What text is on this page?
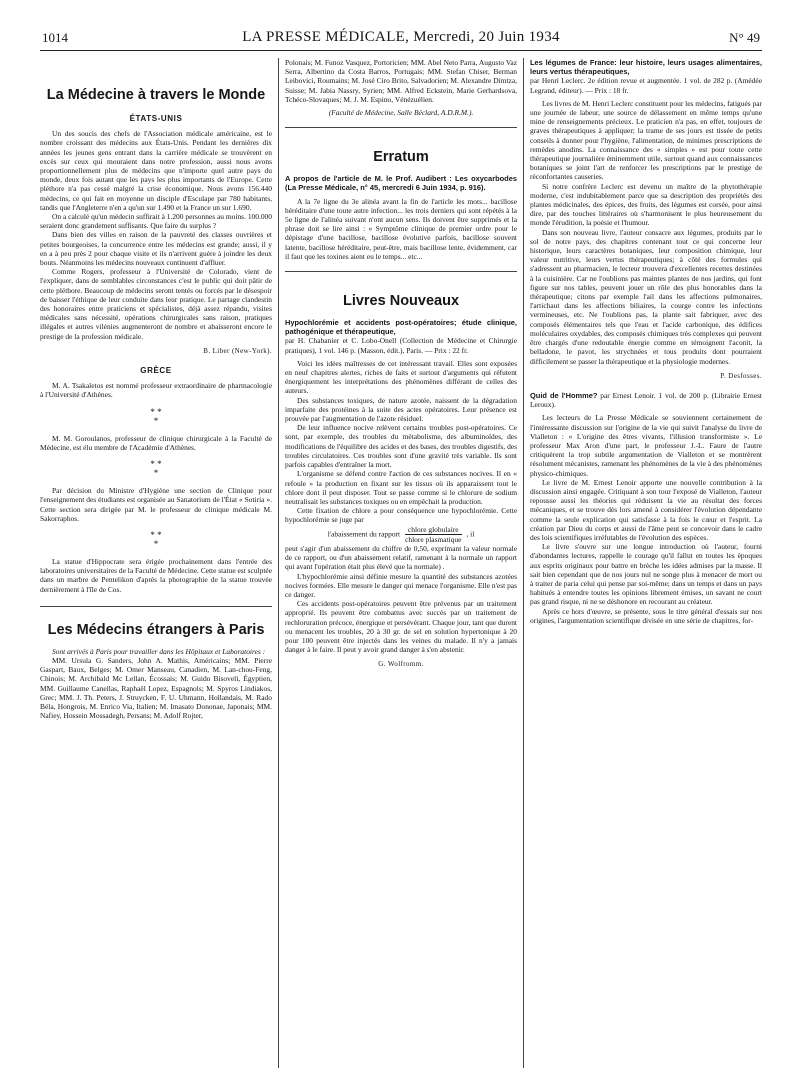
1014	LA PRESSE MÉDICALE, Mercredi, 20 Juin 1934	N° 49
La Médecine à travers le Monde
ÉTATS-UNIS

Un des soucis des chefs de l'Association médicale américaine, est le nombre croissant des médecins aux États-Unis. Pendant les dernières dix années les jeunes gens entrant dans la carrière médicale se trouvèrent en excès sur ceux qui mouraient dans notre profession, aussi nous avons proportionnellement plus de médecins que n'importe quel autre pays du monde, deux fois autant que les pays les plus importants de l'Europe. Cette pléthore n'a pas cessé malgré la crise économique. Nous avons 156.440 médecins, ce qui fait en moyenne un disciple d'Esculape par 780 habitants, tandis que l'Angleterre n'en a qu'un sur 1.490 et la France un sur 1.690.

On a calculé qu'un médecin suffirait à 1.200 personnes au moins. 100.000 seraient donc grandement suffisants. Que faire du surplus ?

Dans bien des villes en raison de la pauvreté des classes ouvrières et petites bourgeoises, la concurrence entre les médecins est grande; aussi, il y en a à peu près 2 pour chaque visite et ils n'arrivent guère à joindre les deux bouts. Néanmoins les médecins nouveaux continuent d'affluer.

Comme Rogers, professeur à l'Université de Colorado, vient de l'expliquer, dans de semblables circonstances c'est le public qui doit pâtir de cette pléthore. Beaucoup de médecins seront tentés ou forcés par le désespoir de baisser l'éthique de leur conduite dans leur pratique. Le partage clandestin des honoraires entre praticiens et spécialistes, déjà assez répandu, visites médicales sans nécessité, opérations chirurgicales sans raison, pratiques illégales et autres vilénies augmenteront de nombre et abaisseront encore le prestige de la profession médicale.

B. Liber (New-York).
GRÈCE

M. A. Tsakaletos est nommé professeur extraordinaire de pharmacologie à l'Université d'Athènes.

* *
*

M. M. Goroulanos, professeur de clinique chirurgicale à la Faculté de Médecine, est élu membre de l'Académie d'Athènes.

* *
*

Par décision du Ministre d'Hygiène une section de Clinique pour l'enseignement des étudiants est organisée au Sanatorium de l'État « Sotiria ». Cette section sera dirigée par M. le professeur de clinique médicale M. Sakorraphos.

* *
*

La statue d'Hippocrate sera érigée prochainement dans l'entrée des laboratoires universitaires de la Faculté de Médecine. Cette statue est sculptée dans un marbre de Pentelikon d'après la photographie de la statue trouvée dernièrement à l'île de Cos.

Les Médecins étrangers à Paris

Sont arrivés à Paris pour travailler dans les Hôpitaux et Laboratoires :

MM. Ursula G. Sanders, John A. Mathis, Américains; MM. Pierre Gaspart, Baux, Belges; M. Omer Manseau, Canadien, M. Lan-chou-Feng, Chinois; M. Archibald Mc Lellan, Écossais; M. Guido Bisoveli, Égyptien, MM. Guillaume Canellas, Raphaël Lopez, Espagnols; M. Spyros Lindiakos, Grec; MM. J. Th. Peters, J. Struycken, F. U. Uhmann, Hollandais, M. Rado Béla, Hongrois, M. Enrico Via, Italien; M. Imasato Dononae, Japonais; MM. Nafiey, Hossein Mossadegh, Persans; M. Adolf Rojter,

Polonais; M. Funoz Vasquez, Portoricien; MM. Abel Neto Parra, Augusto Vaz Serra, Albertino da Costa Barros, Portugais; MM. Stefan Chiser, Berman Leibovici, Roumains; M. José Ciro Brito, Salvadorien; M. Alexandre Dimtza, Suisse; M. Jabia Nassry, Syrien; MM. Alfred Eckstein, Marie Gerhardsova, Tchéco-Slovaques; M. J. M. Espino, Vénézuélien.

(Faculté de Médecine, Salle Béclard, A.D.R.M.).
Erratum

A propos de l'article de M. le Prof. Audibert : Les oxycarbodes (La Presse Médicale, n° 45, mercredi 6 Juin 1934, p. 916).

A la 7e ligne du 3e alinéa avant la fin de l'article les mots... bacillose héréditaire d'une toute autre infection... les trois derniers qui sont répétés à la 5e ligne de l'alinéa suivant n'ont aucun sens. Ils doivent être supprimés et la phrase doit se lire ainsi : « Symptôme clinique de premier ordre pour le dépistage d'une bacillose, bacillose évolutive parfois, bacillose souvent latente, bacillose héréditaire, peut-être, mais bacillose lente, évidemment, car il faut que les toxines aient eu le temps... etc...

Livres Nouveaux

Hypochlorémie et accidents post-opératoires; étude clinique, pathogénique et thérapeutique,

par H. Chabanier et C. Lobo-Onell (Collection de Médecine et Chirurgie pratiques), 1 vol. 146 p. (Masson, édit.), Paris. — Prix : 22 fr.

Voici les idées maîtresses de cet intéressant travail. Elles sont exposées en neuf chapitres alertes, riches de faits et surtout d'arguments qui réfutent énergiquement les interprétations des phénomènes différant de celles des auteurs.

Des substances toxiques, de nature azotée, naissent de la dégradation imparfaite des protéines à la suite des actes opératoires. Leur présence est prouvée par l'augmentation de l'azote résiduel.

De leur influence nocive relèvent certains troubles post-opératoires. Ce sont, par exemple, des troubles du métabolisme, des albuminoïdes, des modifications de l'équilibre des acides et des bases, des troubles digestifs, des troubles circulatoires. Ces troubles sont d'une gravité très variable. Ils sont parfois capables d'entraîner la mort.

L'organisme se défend contre l'action de ces substances nocives. Il en « refoule » la production en fixant sur les tissus où ils apparaissent tout le chlore dont il peut disposer. Tout se passe comme si le chlorure de sodium neutralisait les substances toxiques ou en empêchait la production.

Cette fixation de chlore a pour conséquence une hypochlorémie. Cette hypochlorémie se juge par

l'abaissement du rapport	chlore globulaire
chlore plasmatique
, il

peut s'agir d'un abaissement du chiffre de 0,50, exprimant la valeur normale de ce rapport, ou d'un abaissement relatif, ramenant à la normale un rapport qui avant l'opération était plus élevé que la normale) .

L'hypochlorémie ainsi définie mesure la quantité des substances azotées nocives formées. Elle mesure le danger qui menace l'organisme. Elle n'est pas ce danger.

Ces accidents post-opératoires peuvent être prévenus par un traitement approprié. Ils peuvent être combattus avec succès par un traitement de rechloruration précoce, énergique et persévérant. Chaque jour, tant que durent ou menacent les troubles, 20 à 30 gr. de sel en solution hypertonique à 20 pour 100 peuvent être injectés dans les veines du malade. Il n'y a jamais danger à le faire. Il peut y avoir grand danger à s'en abstenir.

G. Wolfromm.

Les légumes de France: leur histoire, leurs usages alimentaires, leurs vertus thérapeutiques,

par Henri Leclerc. 2e édition revue et augmentée. 1 vol. de 282 p. (Amédée Legrand, éditeur). — Prix : 18 fr.

Les livres de M. Henri Leclerc constituent pour les médecins, fatigués par une journée de labeur, une source de délassement en même temps qu'une mine de renseignements précieux. Le praticien n'a pas, en effet, toujours de graves thérapeutiques à appliquer; la trame de ses jours est tissée de petits conseils à donner pour l'hygiène, l'alimentation, de minimes prescriptions de remèdes anodins. La connaissance des « simples » est pour toute cette thérapeutique journalière éminemment utile, surtout quand aux connaissances botaniques se joint l'art de renforcer les prescriptions par le prestige de réconfortantes causeries.

Si notre confrère Leclerc est devenu un maître de la phytothérapie moderne, c'est indubitablement parce que sa description des propriétés des plantes médicinales, des épices, des fruits, des légumes est corsée, pour ainsi dire, par des touches littéraires où s'harmonisent le plus heureusement du monde l'érudition, la poésie et l'humour.

Dans son nouveau livre, l'auteur consacre aux légumes, produits par le sol de notre pays, des chapitres contenant tout ce qui concerne leur historique, leurs caractères botaniques, leur composition chimique, leur valeur nutritive, leurs vertus thérapeutiques; à côté des formules qui s'adressent au pharmacien, le lecteur trouvera d'excellentes recettes destinées à la cuisinière. Car ne l'oublions pas maintes plantes de nos jardins, qui font figure sur nos tables, peuvent jouer un rôle des plus honorables dans la thérapeutique; citons par exemple l'ail dans les affections pulmonaires, l'artichaut dans les affections biliaires, la courge contre les infections vermineuses, etc. Ne l'oublions pas, la plante sait fabriquer, avec des composés élémentaires tels que l'eau et l'acide carbonique, des édifices moléculaires oxydables, des composés chimiques très complexes qui peuvent être chargés d'une redoutable énergie comme en témoignent l'aconit, la belladone, le pavot, les strychnées et tous produits dont pourraient difficilement se passer la thérapeutique et la physiologie modernes.

P. Desfosses.

Quid de l'Homme? par Ernest Lenoir. 1 vol. de 200 p. (Librairie Ernest Leroux).

Les lecteurs de La Presse Médicale se souviennent certainement de l'intéressante discussion sur l'origine de la vie qui suivit l'analyse du livre de Vialleton : « L'origine des êtres vivants, l'illusion transformiste ». Le professeur Max Aron d'une part, le professeur J.-L. Faure de l'autre critiquèrent la trop subtile argumentation de Vialleton et se montrèrent résolument mécanistes, ramenant les phénomènes de la vie à des phénomènes physico-chimiques.

Le livre de M. Ernest Lenoir apporte une nouvelle contribution à la discussion ainsi engagée. Critiquant à son tour l'exposé de Vialleton, l'auteur repousse aussi les théories qui réduisent la vie au résultat des forces mécaniques, et se trouve dès lors amené à considérer l'évolution dépendante comme la seule explication qui satisfasse à la fois le cœur et l'esprit. La création par Dieu du corps et aussi de l'âme peut se concevoir dans le cadre des lois scientifiques irréfutables de l'évolution des espèces.

Le livre s'ouvre sur une longue introduction où l'auteur, fourni d'abondantes lectures, rappelle le courage qu'il fallut en toutes les époques aux esprits originaux pour battre en brèche les idées admises par la masse. Il sait bien cependant que de nos jours nul ne songe plus à menacer de mort ou à traiter de paria celui qui pense par soi-même; dans un temps et dans un pays habitués à entendre toutes les opinions librement émises, un savant ne court pas grand risque, ni ne se déshonore en recourant au créateur.

Après ce hors d'œuvre, se présente, sous le titre général d'essais sur nos origines, l'argumentation scientifique divisée en une série de chapitres, for-
